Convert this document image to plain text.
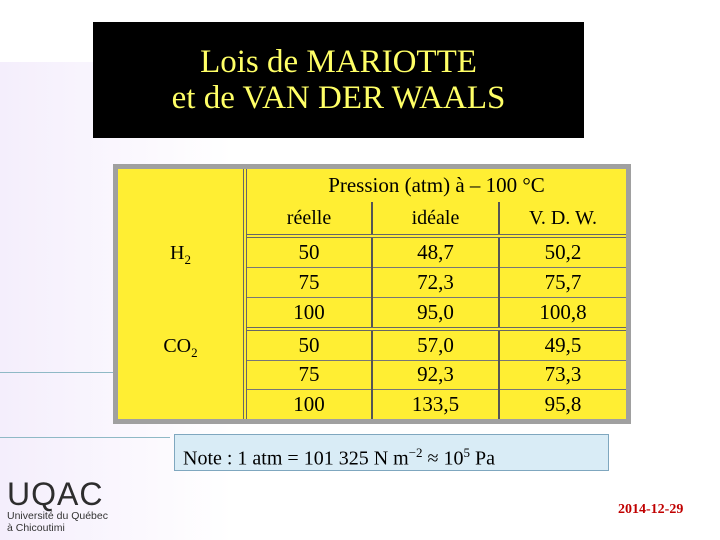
Lois de MARIOTTE
et de VAN DER WAALS
	Pression (atm) à – 100 °C		
	réelle	idéale	V. D. W.
$H_2$	50	48,7	50,2
	75	72,3	75,7
	100	95,0	100,8
$CO_2$	50	57,0	49,5
	75	92,3	73,3
	100	133,5	95,8
Note : 1 atm = 101 325 N $m^{-2} \approx 10^5$ Pa
UQAC
Université du Québec
à Chicoutimi
2014-12-29
